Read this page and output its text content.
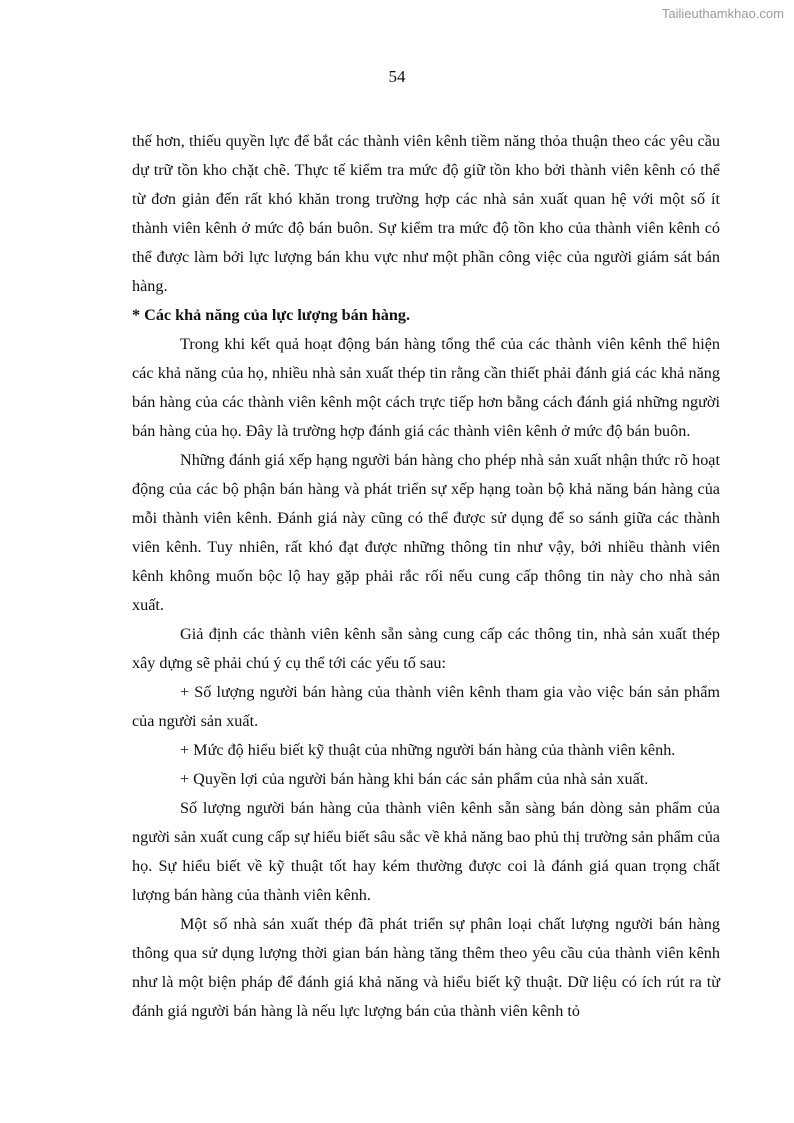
Tailieuthamkhao.com
54

thế hơn, thiếu quyền lực để bắt các thành viên kênh tiềm năng thỏa thuận theo các yêu cầu dự trữ tồn kho chặt chẽ. Thực tế kiểm tra mức độ giữ tồn kho bởi thành viên kênh có thể từ đơn giản đến rất khó khăn trong trường hợp các nhà sản xuất quan hệ với một số ít thành viên kênh ở mức độ bán buôn. Sự kiểm tra mức độ tồn kho của thành viên kênh có thể được làm bởi lực lượng bán khu vực như một phần công việc của người giám sát bán hàng.

* Các khả năng của lực lượng bán hàng.

Trong khi kết quả hoạt động bán hàng tổng thể của các thành viên kênh thể hiện các khả năng của họ, nhiều nhà sản xuất thép tin rằng cần thiết phải đánh giá các khả năng bán hàng của các thành viên kênh một cách trực tiếp hơn bằng cách đánh giá những người bán hàng của họ. Đây là trường hợp đánh giá các thành viên kênh ở mức độ bán buôn.

Những đánh giá xếp hạng người bán hàng cho phép nhà sản xuất nhận thức rõ hoạt động của các bộ phận bán hàng và phát triển sự xếp hạng toàn bộ khả năng bán hàng của mỗi thành viên kênh. Đánh giá này cũng có thể được sử dụng để so sánh giữa các thành viên kênh. Tuy nhiên, rất khó đạt được những thông tin như vậy, bởi nhiều thành viên kênh không muốn bộc lộ hay gặp phải rắc rối nếu cung cấp thông tin này cho nhà sản xuất.

Giả định các thành viên kênh sẵn sàng cung cấp các thông tin, nhà sản xuất thép xây dựng sẽ phải chú ý cụ thể tới các yếu tố sau:

+ Số lượng người bán hàng của thành viên kênh tham gia vào việc bán sản phẩm của người sản xuất.

+ Mức độ hiểu biết kỹ thuật của những người bán hàng của thành viên kênh.

+ Quyền lợi của người bán hàng khi bán các sản phẩm của nhà sản xuất.

Số lượng người bán hàng của thành viên kênh sẵn sàng bán dòng sản phẩm của người sản xuất cung cấp sự hiểu biết sâu sắc về khả năng bao phủ thị trường sản phẩm của họ. Sự hiểu biết về kỹ thuật tốt hay kém thường được coi là đánh giá quan trọng chất lượng bán hàng của thành viên kênh.

Một số nhà sản xuất thép đã phát triển sự phân loại chất lượng người bán hàng thông qua sử dụng lượng thời gian bán hàng tăng thêm theo yêu cầu của thành viên kênh như là một biện pháp để đánh giá khả năng và hiểu biết kỹ thuật. Dữ liệu có ích rút ra từ đánh giá người bán hàng là nếu lực lượng bán của thành viên kênh tỏ
